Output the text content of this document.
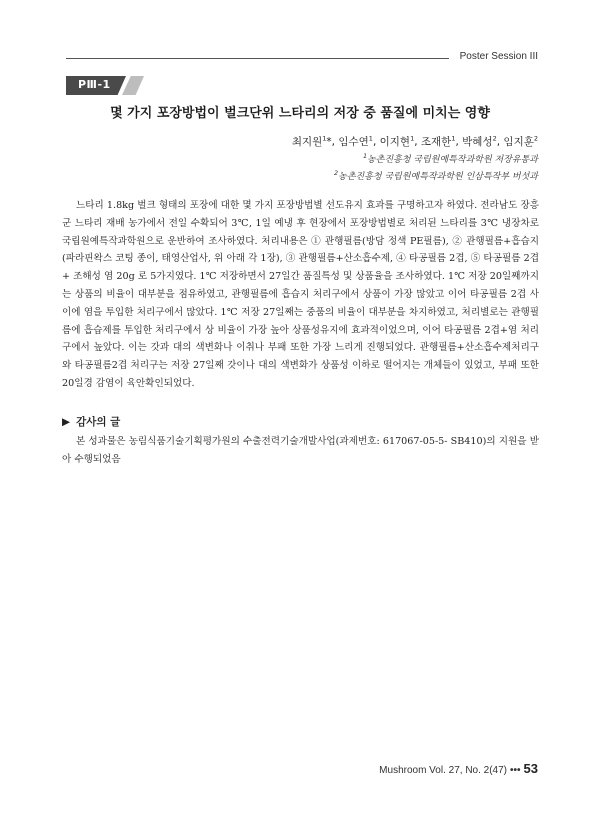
Poster Session III
PⅢ-1
몇 가지 포장방법이 벌크단위 느타리의 저장 중 품질에 미치는 영향
최지원$^1$*, 임수연$^1$, 이지현$^1$, 조재한$^1$, 박혜성$^2$, 임지훈$^2$
$^1$농촌진흥청 국립원예특작과학원 저장유통과
$^2$농촌진흥청 국립원예특작과학원 인삼특작부 버섯과
느타리 1.8kg 벌크 형태의 포장에 대한 몇 가지 포장방법별 선도유지 효과를 구명하고자 하였다. 전라남도 장흥군 느타리 재배 농가에서 전일 수확되어 3℃, 1일 예냉 후 현장에서 포장방법별로 처리된 느타리를 3℃ 냉장차로 국립원예특작과학원으로 운반하여 조사하였다. 처리내용은 ① 관행필름(방담 정색 PE필름), ② 관행필름+흡습지(파라핀왁스 코팅 종이, 태영산업사, 위 아래 각 1장), ③ 관행필름+산소흡수제, ④ 타공필름 2겹, ⑤ 타공필름 2겹 + 조해성 염 20g 로 5가지였다. 1℃ 저장하면서 27일간 품질특성 및 상품율을 조사하였다. 1℃ 저장 20일째까지는 상품의 비율이 대부분을 점유하였고, 관행필름에 흡습지 처리구에서 상품이 가장 많았고 이어 타공필름 2겹 사이에 염을 투입한 처리구에서 많았다. 1℃ 저장 27일째는 중품의 비율이 대부분을 차지하였고, 처리별로는 관행필름에 흡습제를 투입한 처리구에서 상 비율이 가장 높아 상품성유지에 효과적이었으며, 이어 타공필름 2겹+염 처리구에서 높았다. 이는 갓과 대의 색변화나 이취나 부패 또한 가장 느리게 진행되었다. 관행필름+산소흡수제처리구와 타공필름2겹 처리구는 저장 27일째 갓이나 대의 색변화가 상품성 이하로 떨어지는 개체들이 있었고, 부패 또한 20일경 감염이 육안확인되었다.
▶ 감사의 글
본 성과물은 농림식품기술기획평가원의 수출전력기술개발사업(과제번호: 617067-05-5- SB410)의 지원을 받아 수행되었음
Mushroom Vol. 27, No. 2(47) ••• 53
